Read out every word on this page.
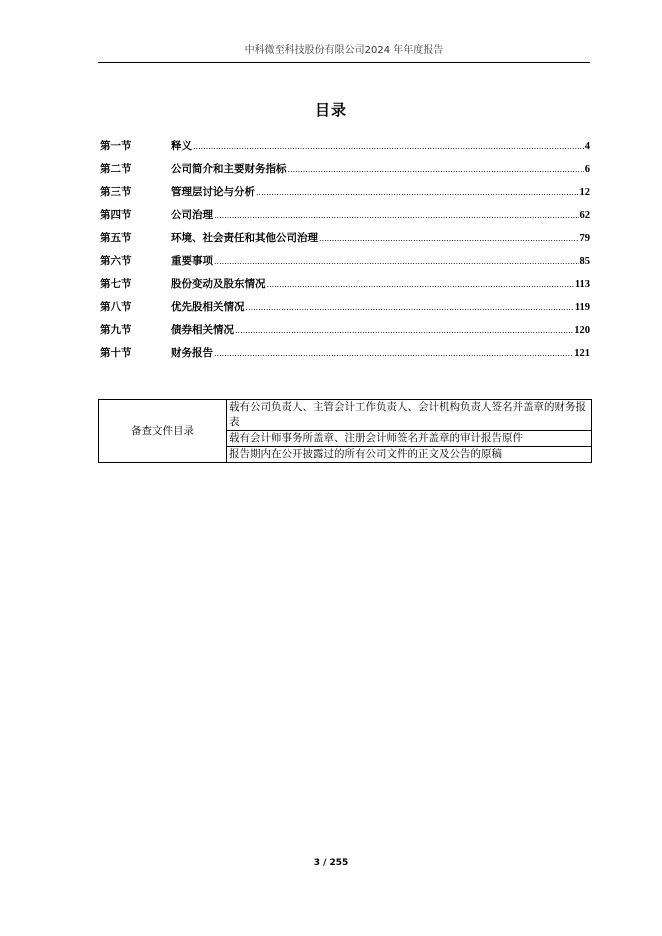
中科微至科技股份有限公司2024 年年度报告
目录
第一节	释义 .....	4
第二节	公司简介和主要财务指标 .....	6
第三节	管理层讨论与分析 .....	12
第四节	公司治理 .....	62
第五节	环境、社会责任和其他公司治理 .....	79
第六节	重要事项 .....	85
第七节	股份变动及股东情况 .....	113
第八节	优先股相关情况 .....	119
第九节	债券相关情况 .....	120
第十节	财务报告 .....	121
备查文件目录	载有公司负责人、主管会计工作负责人、会计机构负责人签名并盖章的财务报表
载有会计师事务所盖章、注册会计师签名并盖章的审计报告原件
报告期内在公开披露过的所有公司文件的正文及公告的原稿
3 / 255
